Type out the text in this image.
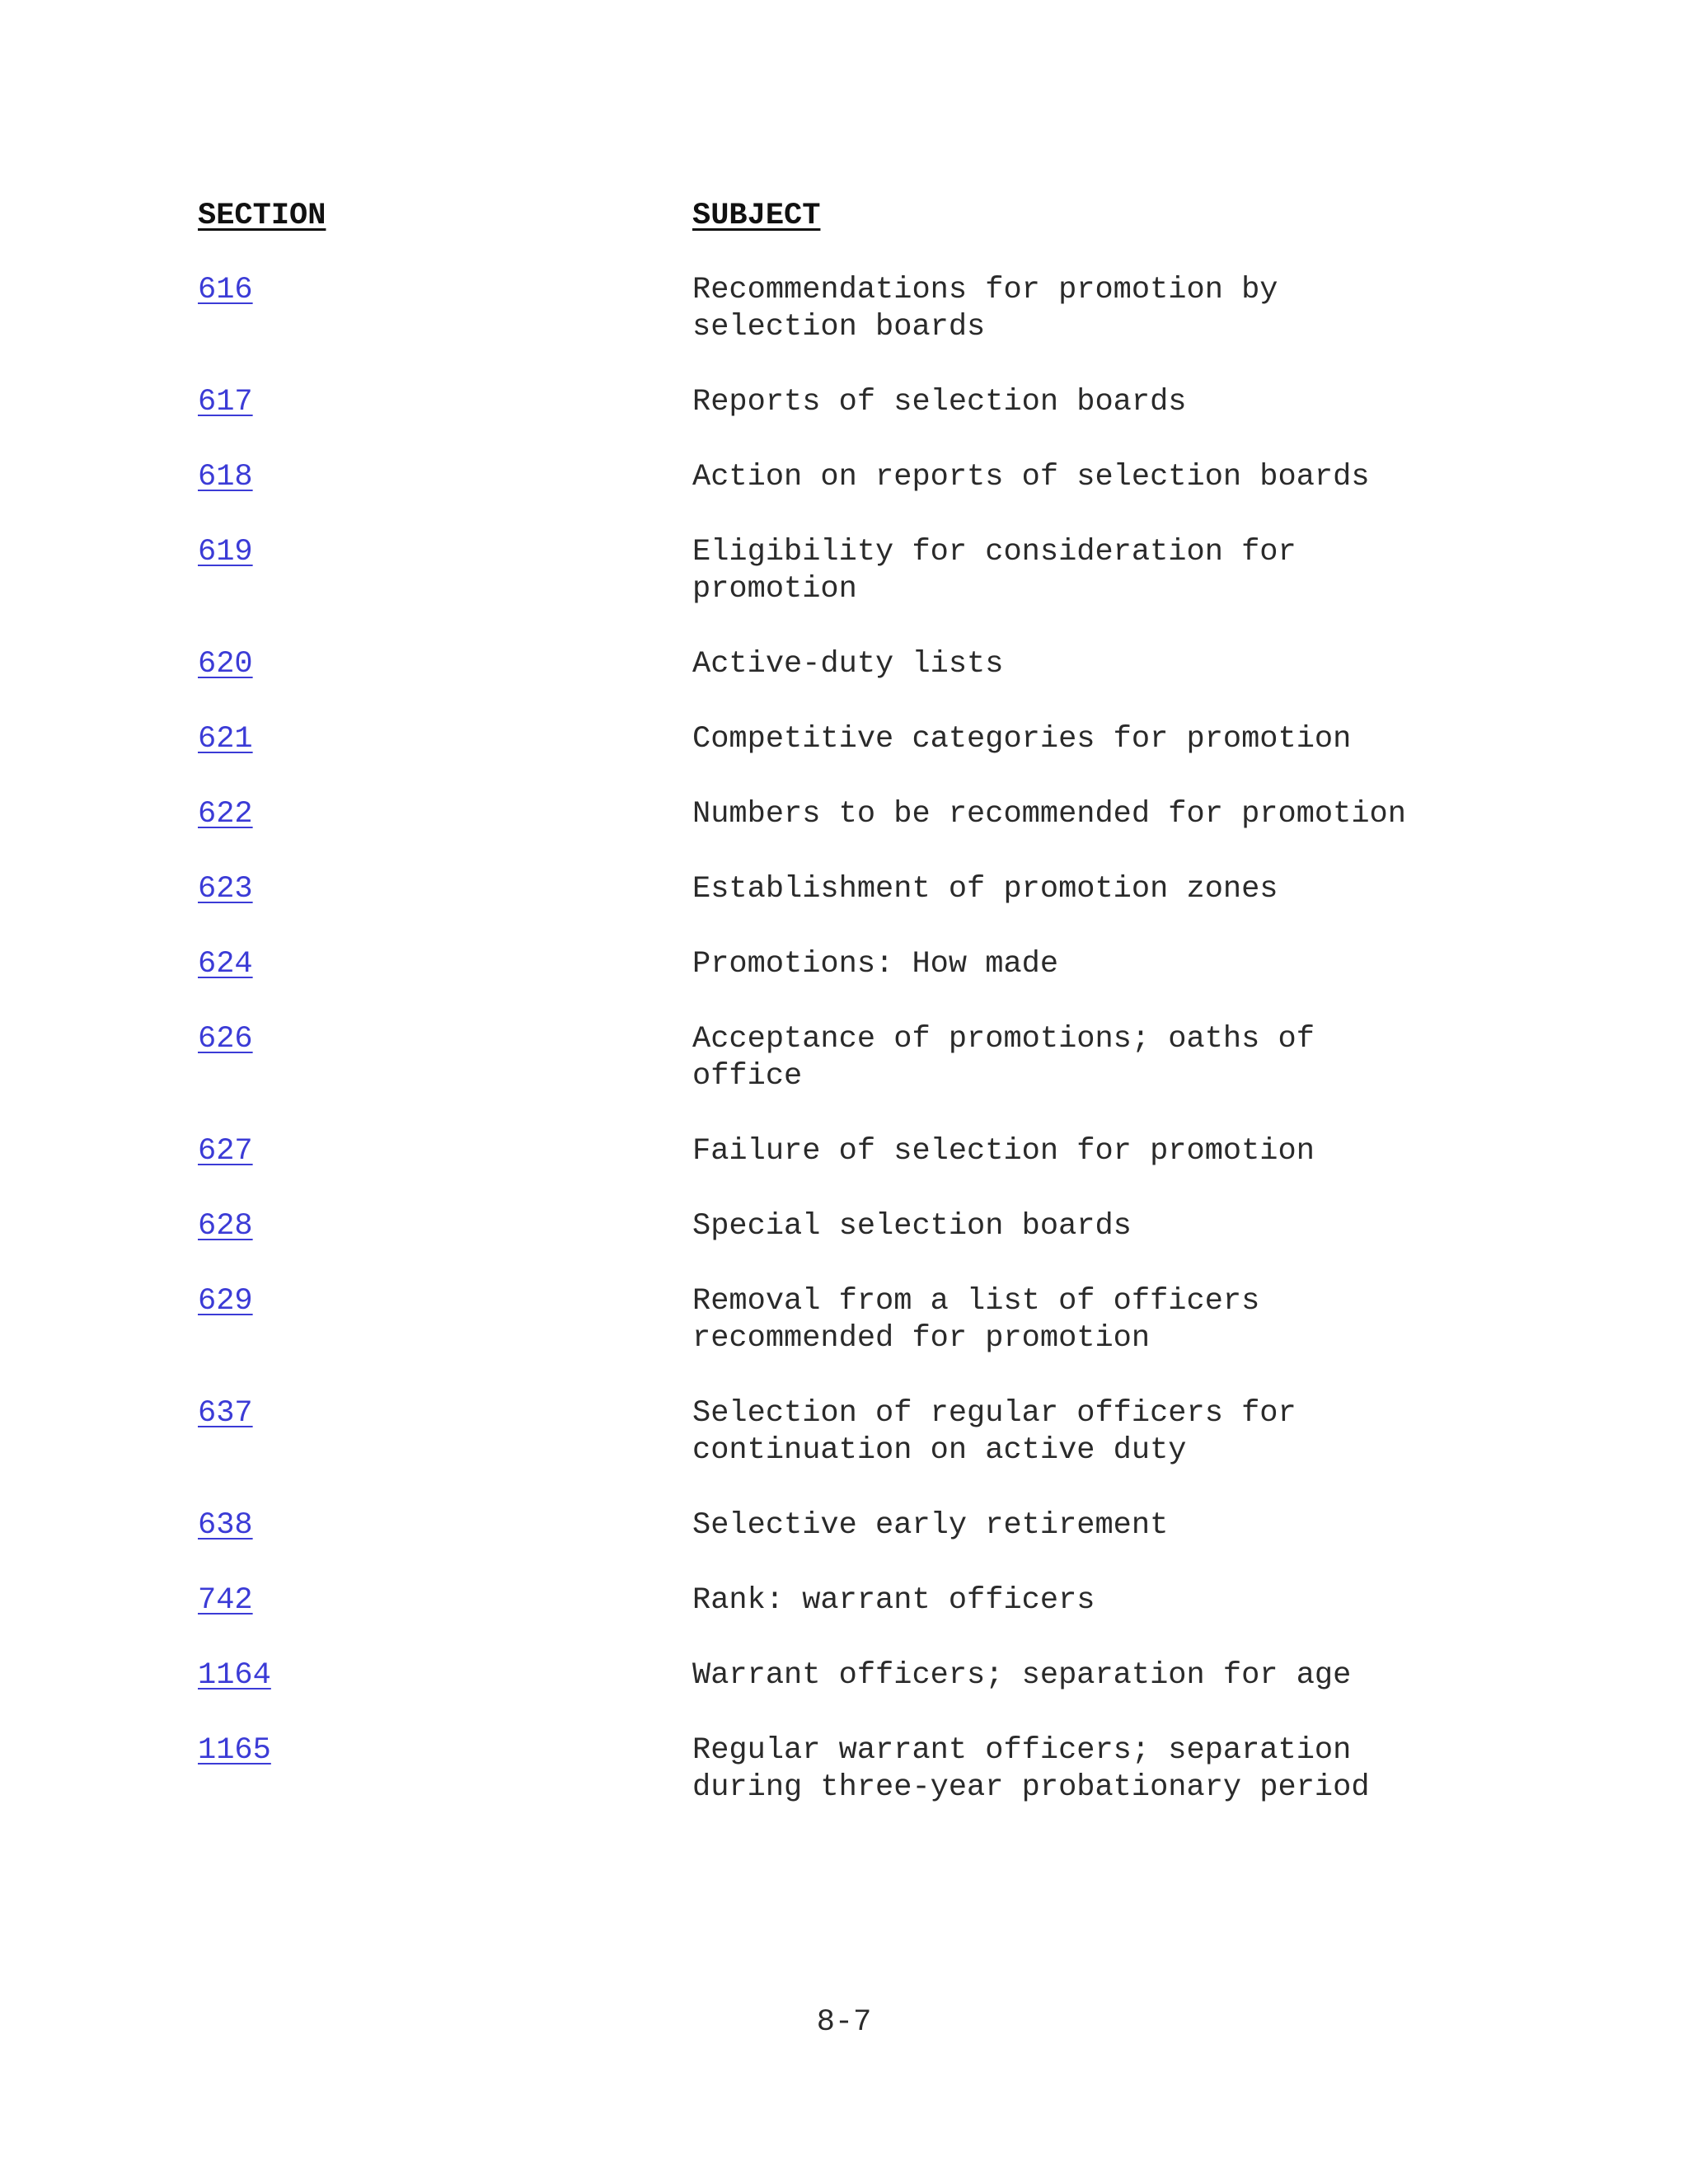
SECTION	SUBJECT
616	Recommendations for promotion by
selection boards
617	Reports of selection boards
618	Action on reports of selection boards
619	Eligibility for consideration for
promotion
620	Active-duty lists
621	Competitive categories for promotion
622	Numbers to be recommended for promotion
623	Establishment of promotion zones
624	Promotions: How made
626	Acceptance of promotions; oaths of
office
627	Failure of selection for promotion
628	Special selection boards
629	Removal from a list of officers
recommended for promotion
637	Selection of regular officers for
continuation on active duty
638	Selective early retirement
742	Rank: warrant officers
1164	Warrant officers; separation for age
1165	Regular warrant officers; separation
during three-year probationary period
8-7
